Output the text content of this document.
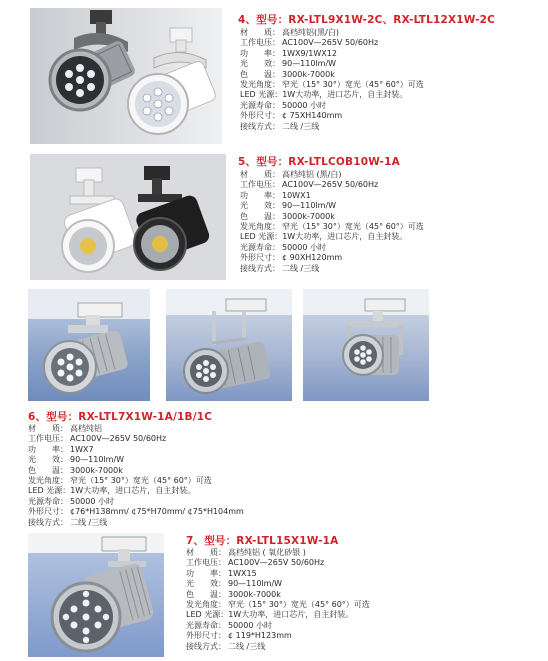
4、型号：RX-LTL9X1W-2C、RX-LTL12X1W-2C
材　　质： 高档纯铝(黑/白)
工作电压： AC100V—265V 50/60Hz
功　　率： 1WX9/1WX12
光　　效： 90—110lm/W
色　　温： 3000k-7000k
发光角度： 窄光（15° 30°）宽光（45° 60°）可选
LED 光源： 1W大功率，进口芯片，自主封装。
光源寿命： 50000 小时
外形尺寸： ¢ 75XH140mm
接线方式： 二线 /三线
5、型号：RX-LTLCOB10W-1A
材　　质： 高档纯铝 (黑/白)
工作电压： AC100V—265V 50/60Hz
功　　率： 10WX1
光　　效： 90—110lm/W
色　　温： 3000k-7000k
发光角度： 窄光（15° 30°）宽光（45° 60°）可选
LED 光源： 1W大功率，进口芯片，自主封装。
光源寿命： 50000 小时
外形尺寸： ¢ 90XH120mm
接线方式： 二线 /三线
6、型号：RX-LTL7X1W-1A/1B/1C
材　　质： 高档纯铝
工作电压： AC100V—265V 50/60Hz
功　　率： 1WX7
光　　效： 90—110lm/W
色　　温： 3000k-7000k
发光角度： 窄光（15° 30°）宽光（45° 60°）可选
LED 光源： 1W大功率，进口芯片，自主封装。
光源寿命： 50000 小时
外形尺寸： ¢76*H138mm/ ¢75*H70mm/ ¢75*H104mm
接线方式： 二线 /三线
7、型号：RX-LTL15X1W-1A
材　　质： 高档纯铝 ( 氧化砂银 )
工作电压： AC100V—265V 50/60Hz
功　　率： 1WX15
光　　效： 90—110lm/W
色　　温： 3000k-7000k
发光角度： 窄光（15° 30°）宽光（45° 60°）可选
LED 光源： 1W大功率，进口芯片，自主封装。
光源寿命： 50000 小时
外形尺寸： ¢ 119*H123mm
接线方式： 二线 /三线
